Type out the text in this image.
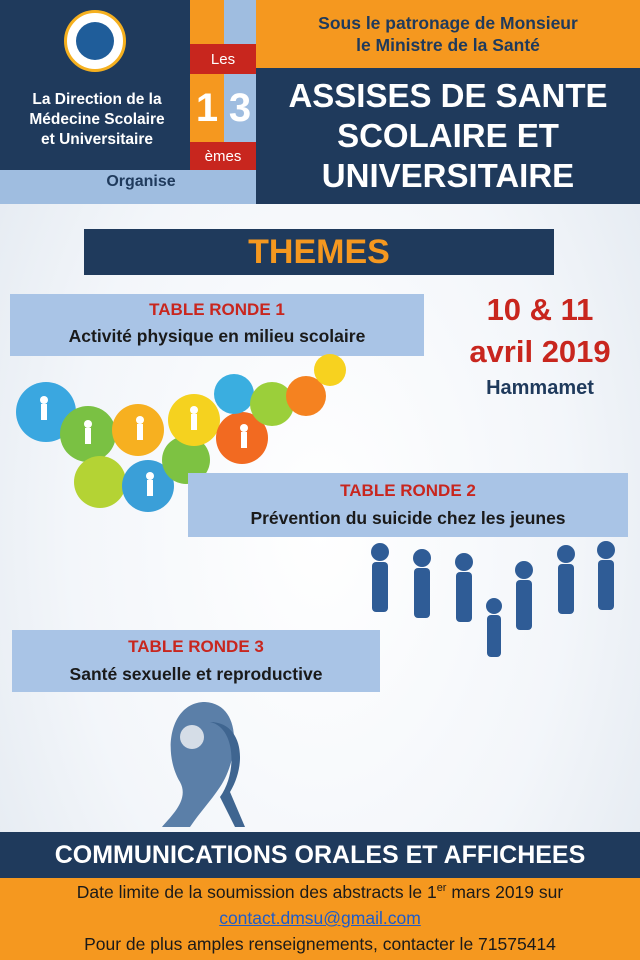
La Direction de la
Médecine Scolaire
et Universitaire
Organise
Les
1 3
èmes
Sous le patronage de Monsieur
le Ministre de la Santé
ASSISES DE SANTE
SCOLAIRE ET
UNIVERSITAIRE
THEMES
TABLE RONDE 1
Activité physique en milieu scolaire
10 & 11
avril 2019
Hammamet
TABLE RONDE 2
Prévention du suicide chez les jeunes
TABLE RONDE 3
Santé sexuelle et reproductive
COMMUNICATIONS ORALES ET AFFICHEES
Date limite de la soumission des abstracts le 1er mars 2019 sur
contact.dmsu@gmail.com
Pour de plus amples renseignements, contacter le 71575414
